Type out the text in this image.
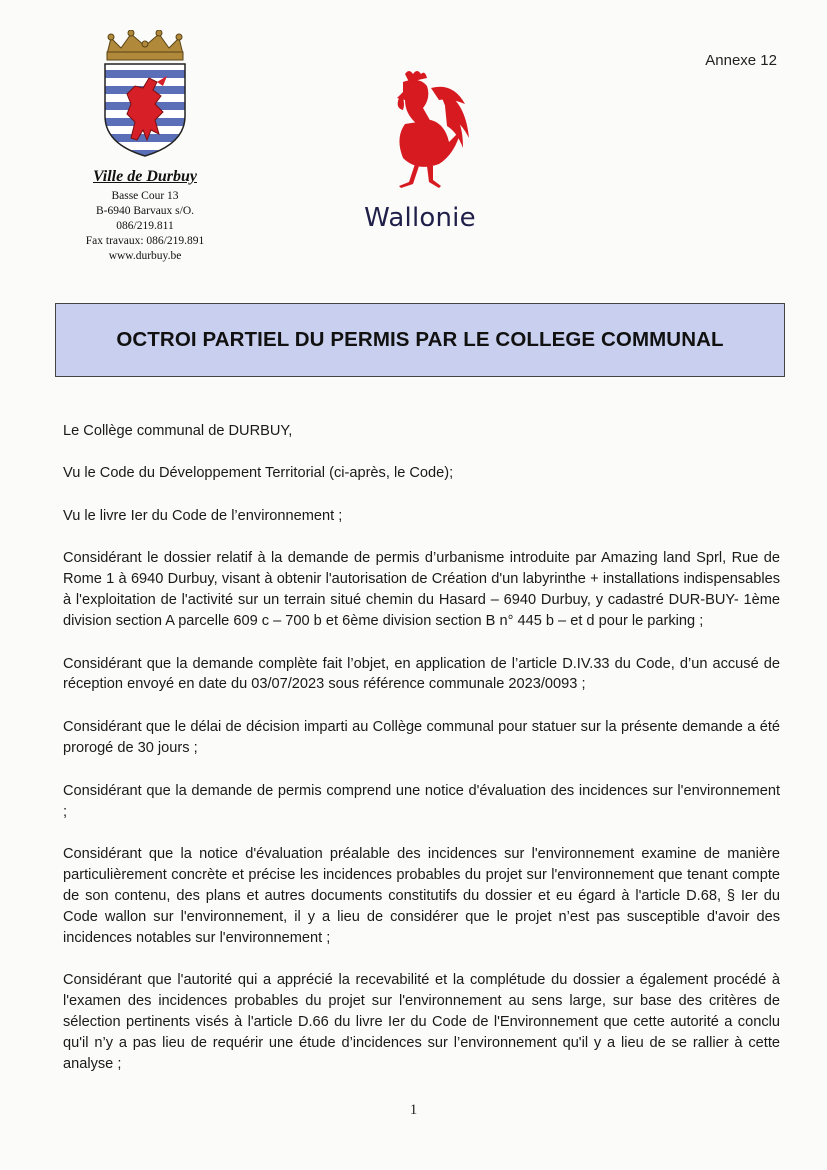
Ville de Durbuy
Basse Cour 13
B-6940 Barvaux s/O.
086/219.811
Fax travaux: 086/219.891
www.durbuy.be
Wallonie
Annexe 12
OCTROI PARTIEL DU PERMIS PAR LE COLLEGE COMMUNAL

Le Collège communal de DURBUY,

Vu le Code du Développement Territorial (ci-après, le Code);

Vu le livre Ier du Code de l’environnement ;

Considérant le dossier relatif à la demande de permis d’urbanisme introduite par Amazing land Sprl, Rue de Rome 1 à 6940 Durbuy, visant à obtenir l'autorisation de Création d'un labyrinthe + installations indispensables à l'exploitation de l'activité sur un terrain situé chemin du Hasard – 6940 Durbuy, y cadastré DUR-BUY- 1ème division section A parcelle 609 c – 700 b et 6ème division section B n° 445 b – et d pour le parking ;

Considérant que la demande complète fait l’objet, en application de l’article D.IV.33 du Code, d’un accusé de réception envoyé en date du 03/07/2023 sous référence communale 2023/0093 ;

Considérant que le délai de décision imparti au Collège communal pour statuer sur la présente demande a été prorogé de 30 jours ;

Considérant que la demande de permis comprend une notice d'évaluation des incidences sur l'environnement ;

Considérant que la notice d'évaluation préalable des incidences sur l'environnement examine de manière particulièrement concrète et précise les incidences probables du projet sur l'environnement que tenant compte de son contenu, des plans et autres documents constitutifs du dossier et eu égard à l'article D.68, § Ier du Code wallon sur l'environnement, il y a lieu de considérer que le projet n’est pas susceptible d'avoir des incidences notables sur l'environnement ;

Considérant que l'autorité qui a apprécié la recevabilité et la complétude du dossier a également procédé à l'examen des incidences probables du projet sur l'environnement au sens large, sur base des critères de sélection pertinents visés à l'article D.66 du livre Ier du Code de l'Environnement que cette autorité a conclu qu'il n’y a pas lieu de requérir une étude d’incidences sur l’environnement qu'il y a lieu de se rallier à cette analyse ;

1
